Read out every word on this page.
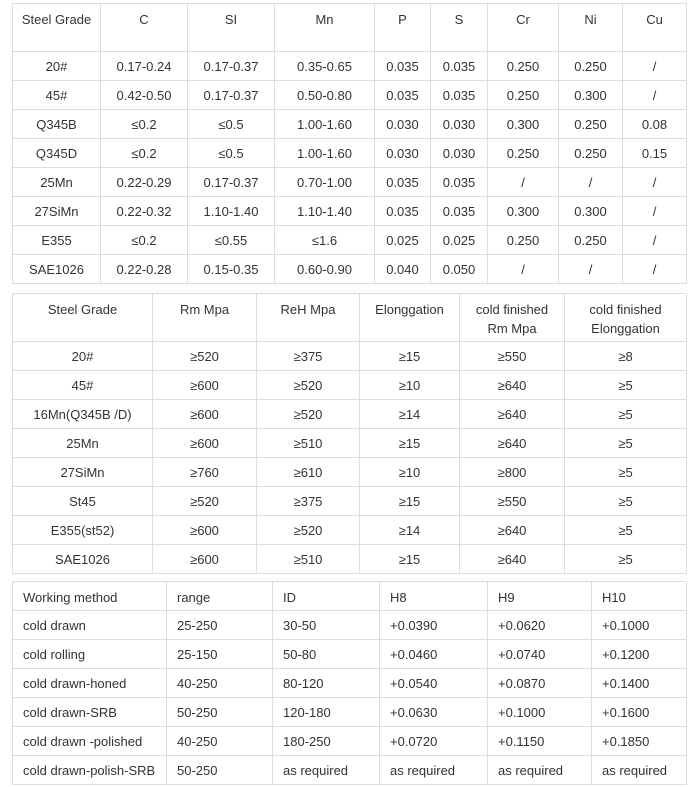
Steel Grade	C	SI	Mn	P	S	Cr	Ni	Cu
20#	0.17-0.24	0.17-0.37	0.35-0.65	0.035	0.035	0.250	0.250	/
45#	0.42-0.50	0.17-0.37	0.50-0.80	0.035	0.035	0.250	0.300	/
Q345B	≤0.2	≤0.5	1.00-1.60	0.030	0.030	0.300	0.250	0.08
Q345D	≤0.2	≤0.5	1.00-1.60	0.030	0.030	0.250	0.250	0.15
25Mn	0.22-0.29	0.17-0.37	0.70-1.00	0.035	0.035	/	/	/
27SiMn	0.22-0.32	1.10-1.40	1.10-1.40	0.035	0.035	0.300	0.300	/
E355	≤0.2	≤0.55	≤1.6	0.025	0.025	0.250	0.250	/
SAE1026	0.22-0.28	0.15-0.35	0.60-0.90	0.040	0.050	/	/	/
Steel Grade	Rm Mpa	ReH Mpa	Elonggation	cold finished Rm Mpa	cold finished Elonggation
20#	≥520	≥375	≥15	≥550	≥8
45#	≥600	≥520	≥10	≥640	≥5
16Mn(Q345B /D)	≥600	≥520	≥14	≥640	≥5
25Mn	≥600	≥510	≥15	≥640	≥5
27SiMn	≥760	≥610	≥10	≥800	≥5
St45	≥520	≥375	≥15	≥550	≥5
E355(st52)	≥600	≥520	≥14	≥640	≥5
SAE1026	≥600	≥510	≥15	≥640	≥5
Working method	range	ID	H8	H9	H10
cold drawn	25-250	30-50	+0.0390	+0.0620	+0.1000
cold rolling	25-150	50-80	+0.0460	+0.0740	+0.1200
cold drawn-honed	40-250	80-120	+0.0540	+0.0870	+0.1400
cold drawn-SRB	50-250	120-180	+0.0630	+0.1000	+0.1600
cold drawn -polished	40-250	180-250	+0.0720	+0.1150	+0.1850
cold drawn-polish-SRB	50-250	as required	as required	as required	as required
